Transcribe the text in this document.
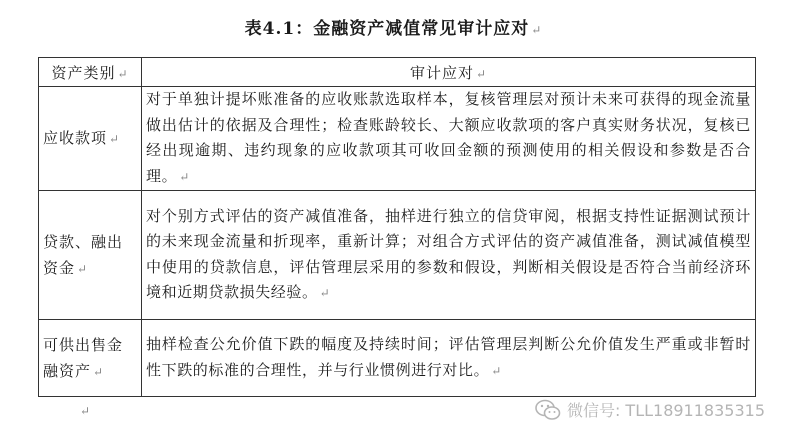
表4.1：金融资产减值常见审计应对 ↵
资产类别 ↵	审计应对 ↵
应收款项 ↵	对于单独计提坏账准备的应收账款选取样本，复核管理层对预计未来可获得的现金流量做出估计的依据及合理性；检查账龄较长、大额应收款项的客户真实财务状况，复核已经出现逾期、违约现象的应收款项其可收回金额的预测使用的相关假设和参数是否合理。 ↵
贷款、融出资金 ↵	对个别方式评估的资产减值准备，抽样进行独立的信贷审阅，根据支持性证据测试预计的未来现金流量和折现率，重新计算；对组合方式评估的资产减值准备，测试减值模型中使用的贷款信息，评估管理层采用的参数和假设，判断相关假设是否符合当前经济环境和近期贷款损失经验。 ↵
可供出售金融资产 ↵	抽样检查公允价值下跌的幅度及持续时间；评估管理层判断公允价值发生严重或非暂时性下跌的标准的合理性，并与行业惯例进行对比。 ↵
↵	微信号: TLL18911835315
